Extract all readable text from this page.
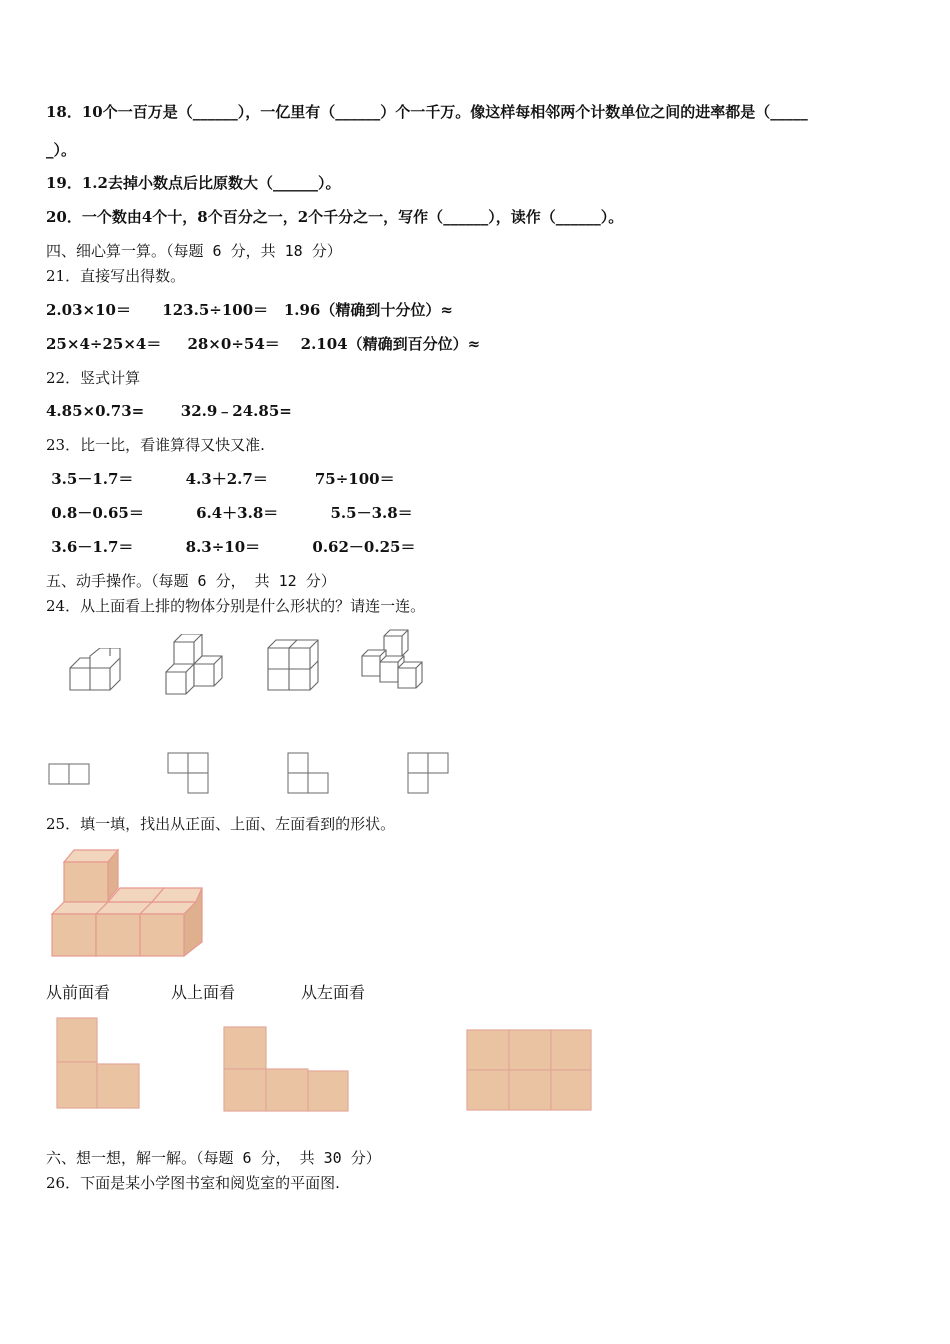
18．10个一百万是（______），一亿里有（______）个一千万。像这样每相邻两个计数单位之间的进率都是（_____
_）。
19．1.2去掉小数点后比原数大（______）。
20．一个数由4个十，8个百分之一，2个千分之一，写作（______），读作（______）。
四、细心算一算。（每题 6 分，共 18 分）
21．直接写出得数。
2.03×10＝      123.5÷100＝   1.96（精确到十分位）≈
25×4÷25×4＝     28×0÷54＝    2.104（精确到百分位）≈
22．竖式计算
4.85×0.73=       32.9﹣24.85=
23．比一比，看谁算得又快又准.
3.5－1.7＝          4.3＋2.7＝         75÷100＝
0.8－0.65＝          6.4＋3.8＝          5.5－3.8＝
3.6－1.7＝          8.3÷10＝          0.62－0.25＝
五、动手操作。（每题 6 分， 共 12 分）
24．从上面看上排的物体分别是什么形状的？请连一连。
25．填一填，找出从正面、上面、左面看到的形状。
从前面看	从上面看	从左面看
六、想一想，解一解。（每题 6 分， 共 30 分）
26．下面是某小学图书室和阅览室的平面图.
